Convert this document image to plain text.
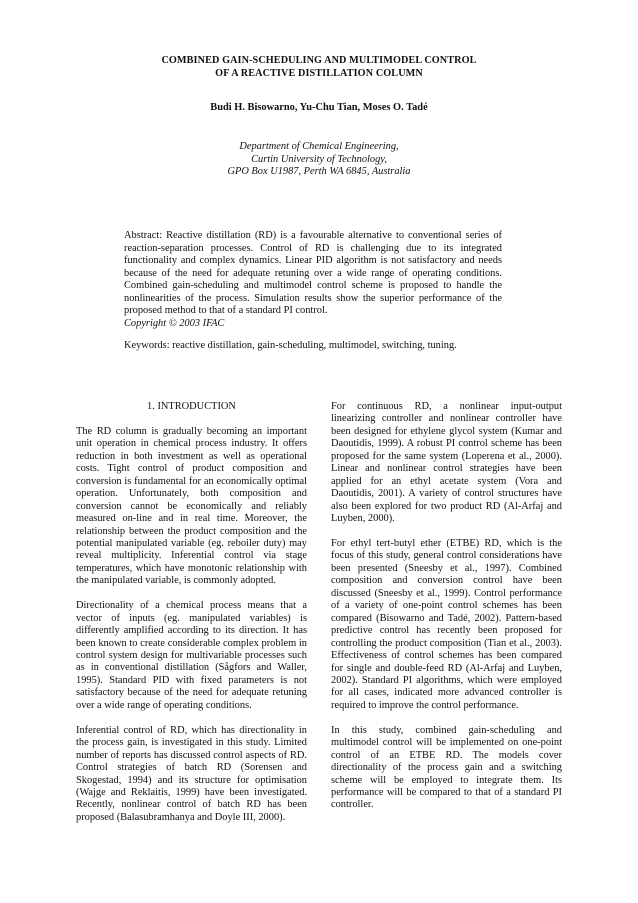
COMBINED GAIN-SCHEDULING AND MULTIMODEL CONTROL
OF A REACTIVE DISTILLATION COLUMN
Budi H. Bisowarno, Yu-Chu Tian, Moses O. Tadé
Department of Chemical Engineering,
Curtin University of Technology,
GPO Box U1987, Perth WA 6845, Australia

Abstract: Reactive distillation (RD) is a favourable alternative to conventional series of reaction-separation processes. Control of RD is challenging due to its integrated functionality and complex dynamics. Linear PID algorithm is not satisfactory and needs because of the need for adequate retuning over a wide range of operating conditions. Combined gain-scheduling and multimodel control scheme is proposed to handle the nonlinearities of the process. Simulation results show the superior performance of the proposed method to that of a standard PI control.

Copyright © 2003 IFAC

Keywords: reactive distillation, gain-scheduling, multimodel, switching, tuning.

1. INTRODUCTION

The RD column is gradually becoming an important unit operation in chemical process industry. It offers reduction in both investment as well as operational costs. Tight control of product composition and conversion is fundamental for an economically optimal operation. Unfortunately, both composition and conversion cannot be economically and reliably measured on-line and in real time. Moreover, the relationship between the product composition and the potential manipulated variable (eg. reboiler duty) may reveal multiplicity. Inferential control via stage temperatures, which have monotonic relationship with the manipulated variable, is commonly adopted.

Directionality of a chemical process means that a vector of inputs (eg. manipulated variables) is differently amplified according to its direction. It has been known to create considerable complex problem in control system design for multivariable processes such as in conventional distillation (Sågfors and Waller, 1995). Standard PID with fixed parameters is not satisfactory because of the need for adequate retuning over a wide range of operating conditions.

Inferential control of RD, which has directionality in the process gain, is investigated in this study. Limited number of reports has discussed control aspects of RD. Control strategies of batch RD (Sorensen and Skogestad, 1994) and its structure for optimisation (Wajge and Reklaitis, 1999) have been investigated. Recently, nonlinear control of batch RD has been proposed (Balasubramhanya and Doyle III, 2000).

For continuous RD, a nonlinear input-output linearizing controller and nonlinear controller have been designed for ethylene glycol system (Kumar and Daoutidis, 1999). A robust PI control scheme has been proposed for the same system (Loperena et al., 2000). Linear and nonlinear control strategies have been applied for an ethyl acetate system (Vora and Daoutidis, 2001). A variety of control structures have also been explored for two product RD (Al-Arfaj and Luyben, 2000).

For ethyl tert-butyl ether (ETBE) RD, which is the focus of this study, general control considerations have been presented (Sneesby et al., 1997). Combined composition and conversion control have been discussed (Sneesby et al., 1999). Control performance of a variety of one-point control schemes has been compared (Bisowarno and Tadé, 2002). Pattern-based predictive control has recently been proposed for controlling the product composition (Tian et al., 2003). Effectiveness of control schemes has been compared for single and double-feed RD (Al-Arfaj and Luyben, 2002). Standard PI algorithms, which were employed for all cases, indicated more advanced controller is required to improve the control performance.

In this study, combined gain-scheduling and multimodel control will be implemented on one-point control of an ETBE RD. The models cover directionality of the process gain and a switching scheme will be employed to integrate them. Its performance will be compared to that of a standard PI controller.
